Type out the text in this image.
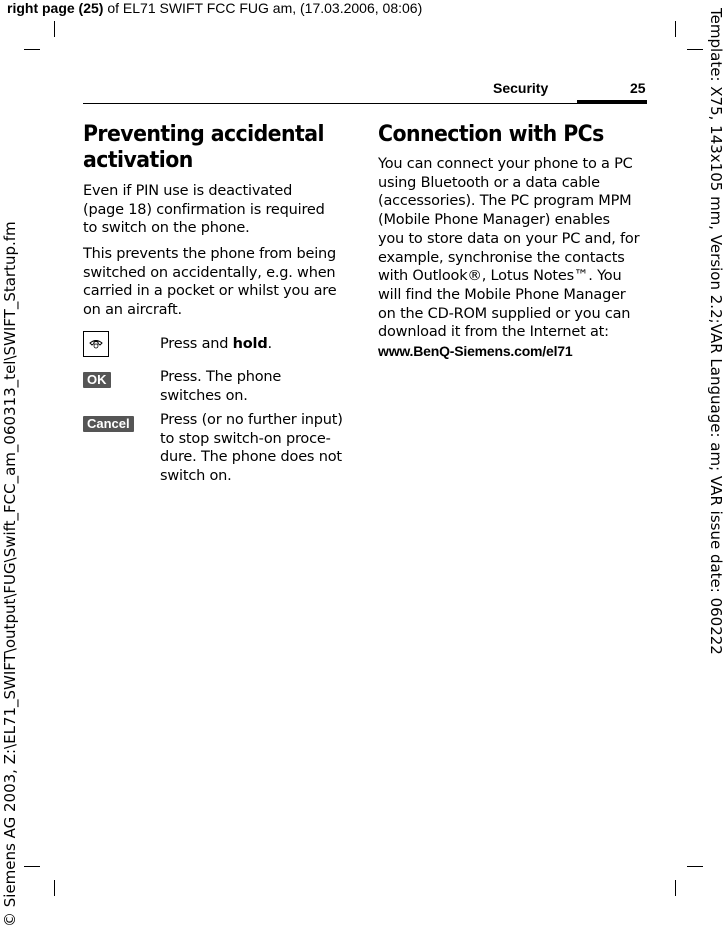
right page (25) of EL71 SWIFT FCC FUG am, (17.03.2006, 08:06)
© Siemens AG 2003, Z:\EL71_SWIFT\output\FUG\Swift_FCC_am_060313_tel\SWIFT_Startup.fm	Template: X75, 143x105 mm, Version 2.2;VAR Language: am; VAR issue date: 060222
Security	25
Preventing accidental
activation
Even if PIN use is deactivated
(page 18) confirmation is required
to switch on the phone.
This prevents the phone from being
switched on accidentally, e.g. when
carried in a pocket or whilst you are
on an aircraft.
Press and hold.
OK	Press. The phone
switches on.
Cancel Press (or no further input)
to stop switch-on proce-
dure. The phone does not
switch on.
Connection with PCs
You can connect your phone to a PC
using Bluetooth or a data cable
(accessories). The PC program MPM
(Mobile Phone Manager) enables
you to store data on your PC and, for
example, synchronise the contacts
with Outlook®, Lotus Notes™. You
will find the Mobile Phone Manager
on the CD-ROM supplied or you can
download it from the Internet at:
www.BenQ-Siemens.com/el71
